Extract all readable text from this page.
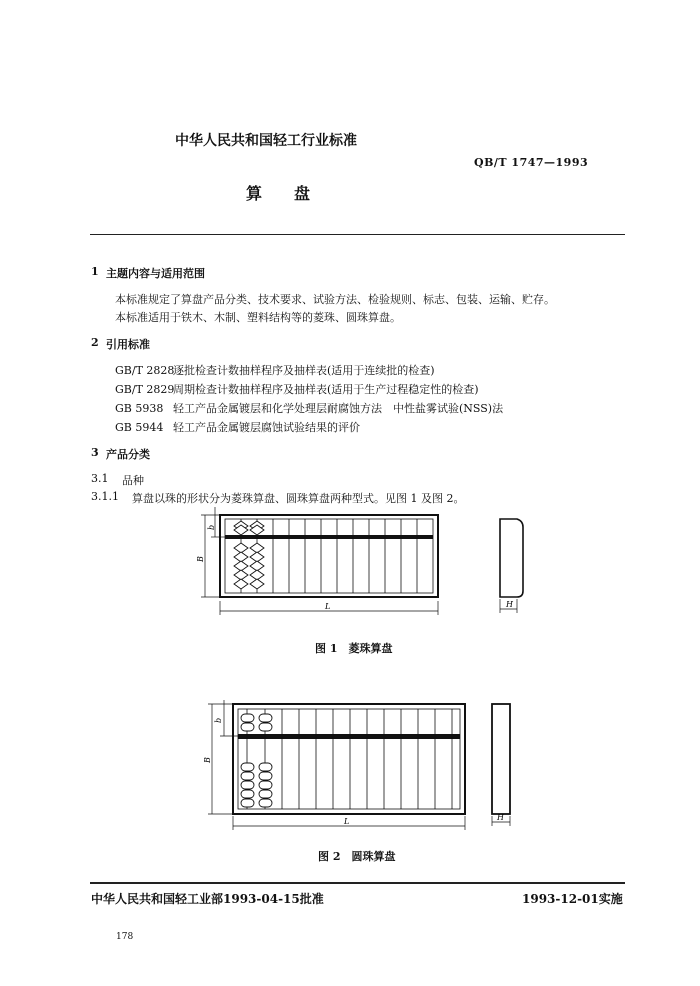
中华人民共和国轻工行业标准
QB/T 1747—1993
算　　盘
1 主题内容与适用范围
本标准规定了算盘产品分类、技术要求、试验方法、检验规则、标志、包装、运输、贮存。
本标准适用于铁木、木制、塑料结构等的菱珠、圆珠算盘。
2 引用标准
GB/T 2828逐批检查计数抽样程序及抽样表(适用于连续批的检查)
GB/T 2829周期检查计数抽样程序及抽样表(适用于生产过程稳定性的检查)
GB 5938 轻工产品金属镀层和化学处理层耐腐蚀方法　中性盐雾试验(NSS)法
GB 5944 轻工产品金属镀层腐蚀试验结果的评价
3 产品分类
3.1 品种
3.1.1 算盘以珠的形状分为菱珠算盘、圆珠算盘两种型式。见图 1 及图 2。
B
b
L	H
图 1　菱珠算盘
B
b
L	H
图 2　圆珠算盘
中华人民共和国轻工业部1993-04-15批准	1993-12-01实施
178
